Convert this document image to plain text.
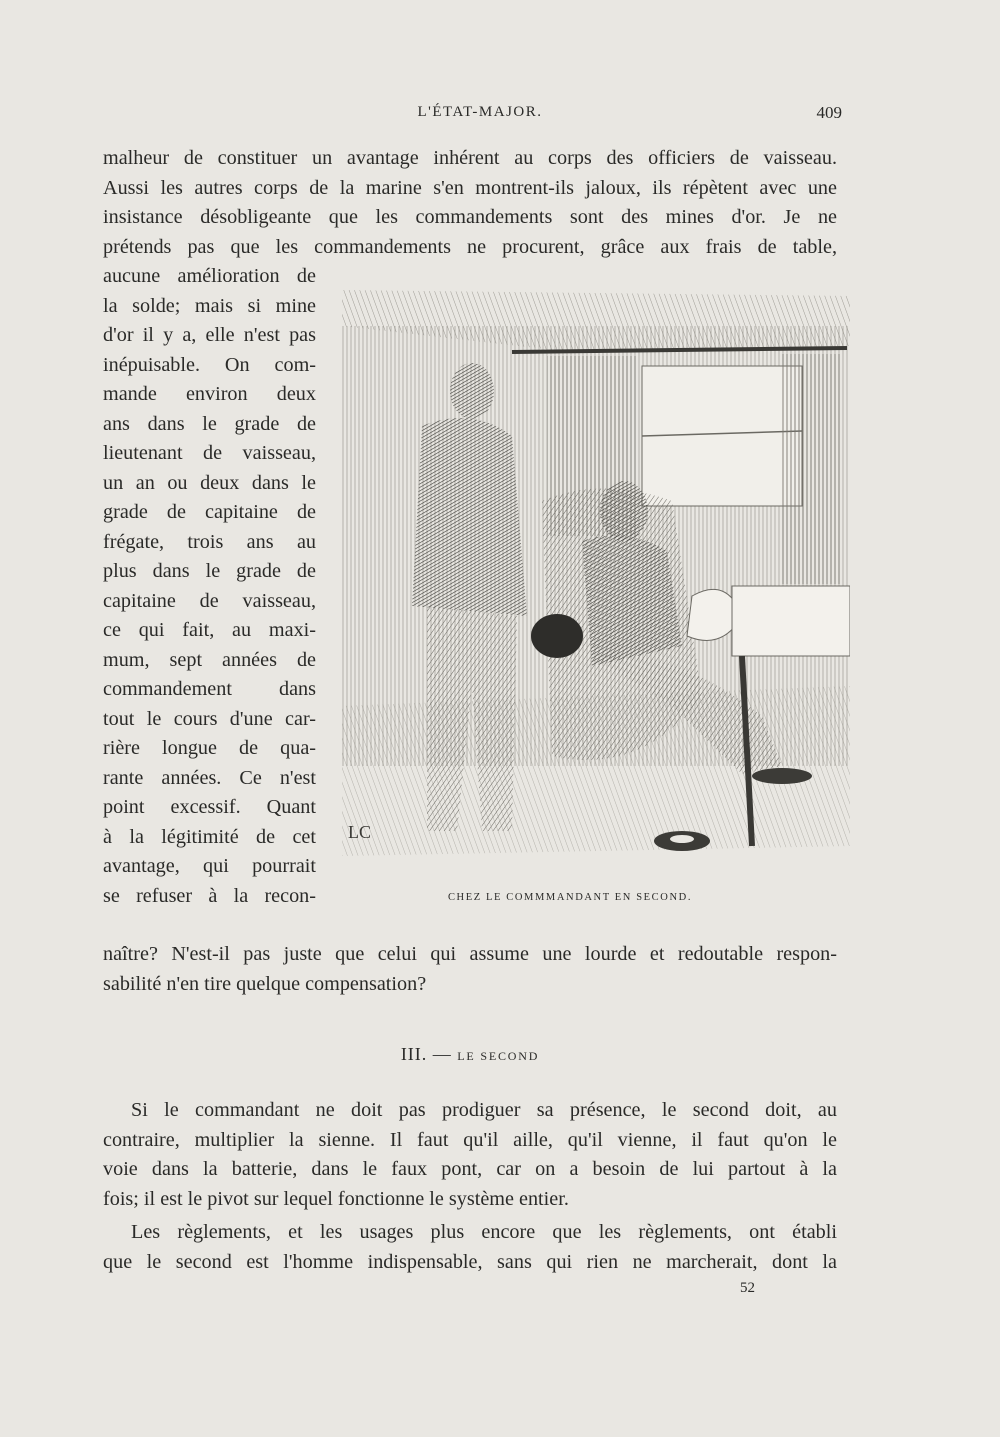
L'ÉTAT-MAJOR.	409
malheur de constituer un avantage inhérent au corps des officiers de vaisseau.
Aussi les autres corps de la marine s'en montrent-ils jaloux, ils répètent avec une
insistance désobligeante que les commandements sont des mines d'or. Je ne
prétends pas que les commandements ne procurent, grâce aux frais de table,
aucune amélioration de
la solde; mais si mine
d'or il y a, elle n'est pas
inépuisable. On com-
mande environ deux
ans dans le grade de
lieutenant de vaisseau,
un an ou deux dans le
grade de capitaine de
frégate, trois ans au
plus dans le grade de
capitaine de vaisseau,
ce qui fait, au maxi-
mum, sept années de
commandement dans
tout le cours d'une car-
rière longue de qua-
rante années. Ce n'est
point excessif. Quant
à la légitimité de cet
avantage, qui pourrait
se refuser à la recon-
LC
CHEZ LE COMMMANDANT EN SECOND.
naître? N'est-il pas juste que celui qui assume une lourde et redoutable respon-
sabilité n'en tire quelque compensation?
III. — LE SECOND
Si le commandant ne doit pas prodiguer sa présence, le second doit, au
contraire, multiplier la sienne. Il faut qu'il aille, qu'il vienne, il faut qu'on le
voie dans la batterie, dans le faux pont, car on a besoin de lui partout à la
fois; il est le pivot sur lequel fonctionne le système entier.
Les règlements, et les usages plus encore que les règlements, ont établi
que le second est l'homme indispensable, sans qui rien ne marcherait, dont la
52
